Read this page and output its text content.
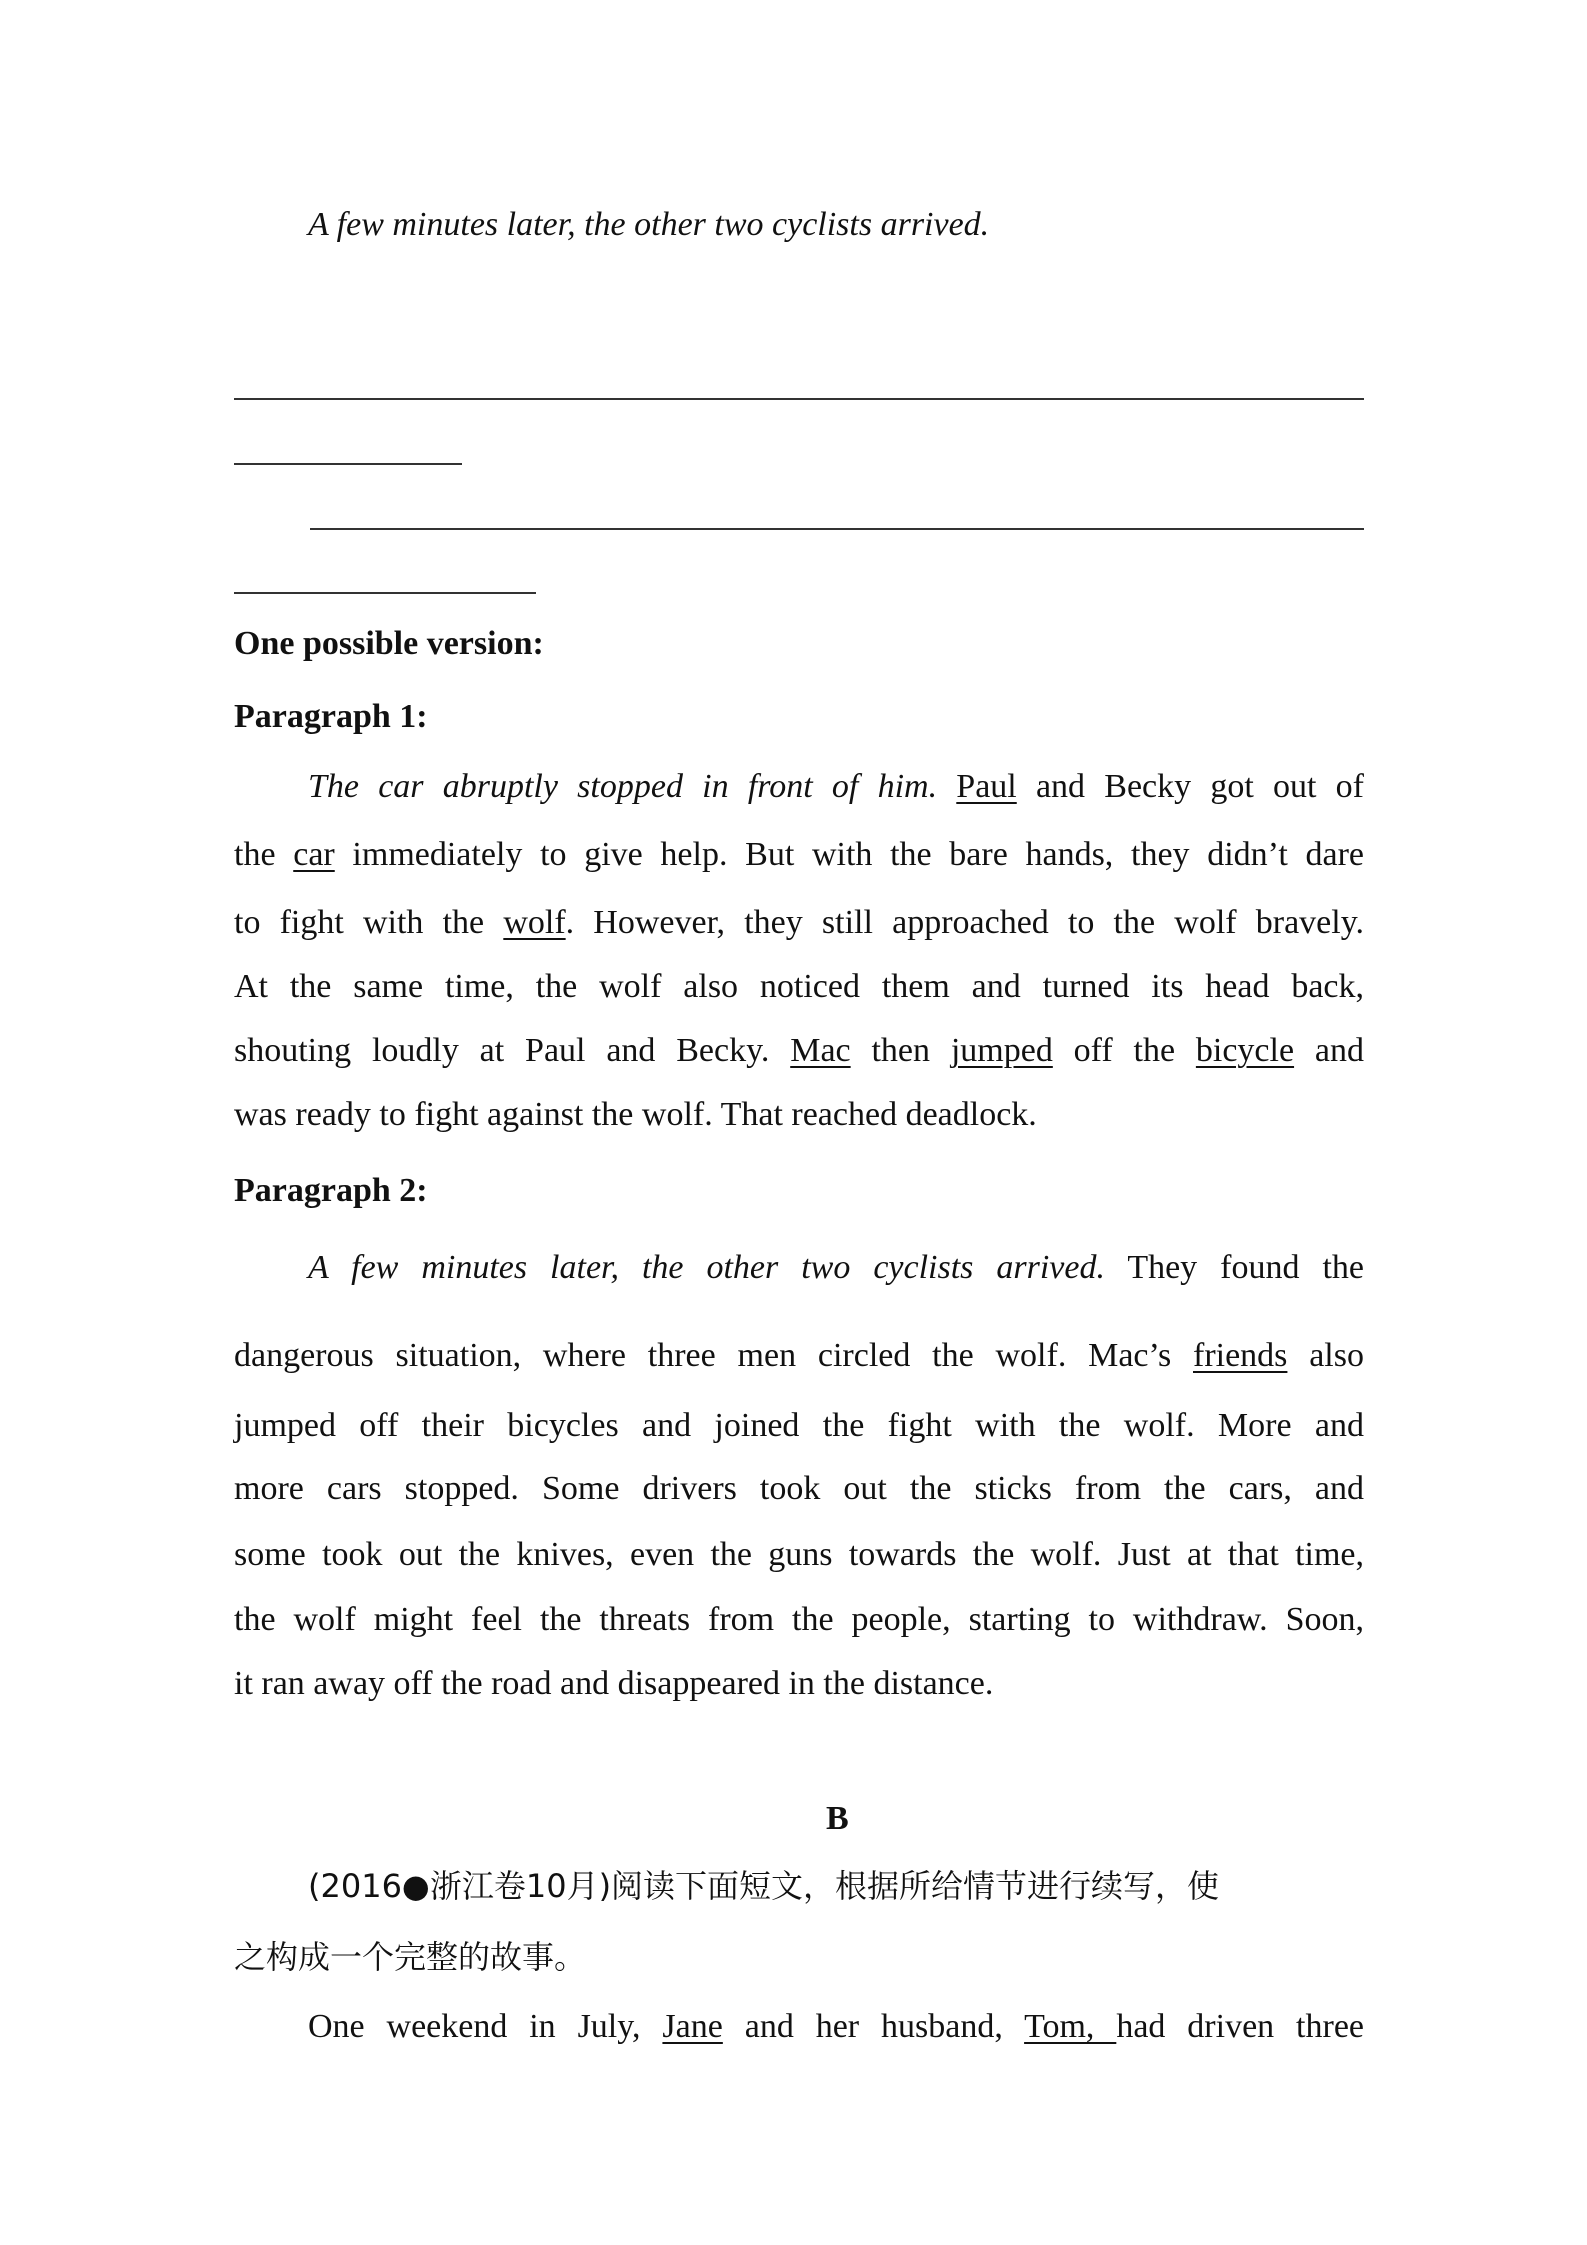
A few minutes later, the other two cyclists arrived.
One possible version:
Paragraph 1:
The car abruptly stopped in front of him. Paul and Becky got out of
the car immediately to give help. But with the bare hands, they didn’t dare
to fight with the wolf. However, they still approached to the wolf bravely.
At the same time, the wolf also noticed them and turned its head back,
shouting loudly at Paul and Becky. Mac then jumped off the bicycle and
was ready to fight against the wolf. That reached deadlock.
Paragraph 2:
A few minutes later, the other two cyclists arrived. They found the
dangerous situation, where three men circled the wolf. Mac’s friends also
jumped off their bicycles and joined the fight with the wolf. More and
more cars stopped. Some drivers took out the sticks from the cars, and
some took out the knives, even the guns towards the wolf. Just at that time,
the wolf might feel the threats from the people, starting to withdraw. Soon,
it ran away off the road and disappeared in the distance.
B
(2016●浙江卷10月)阅读下面短文，根据所给情节进行续写，使
之构成一个完整的故事。
One weekend in July, Jane and her husband, Tom, had driven three
